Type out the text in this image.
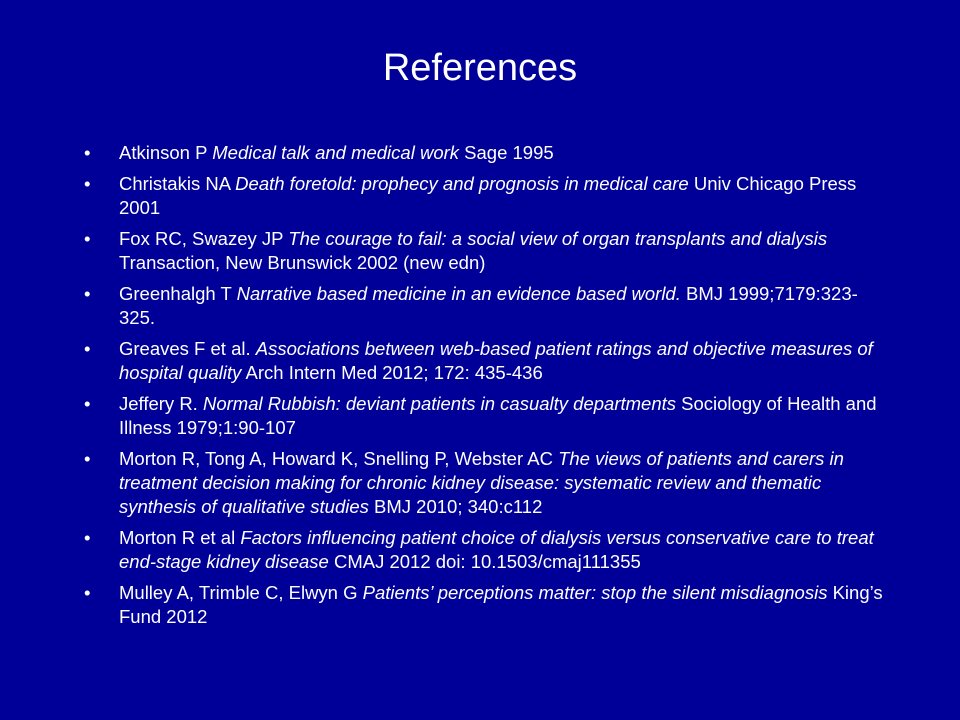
References
• Atkinson P Medical talk and medical work Sage 1995
• Christakis NA Death foretold: prophecy and prognosis in medical care Univ Chicago Press 2001
• Fox RC, Swazey JP The courage to fail: a social view of organ transplants and dialysis Transaction, New Brunswick 2002 (new edn)
• Greenhalgh T Narrative based medicine in an evidence based world. BMJ 1999;7179:323-325.
• Greaves F et al. Associations between web-based patient ratings and objective measures of hospital quality Arch Intern Med 2012; 172: 435-436
• Jeffery R. Normal Rubbish: deviant patients in casualty departments Sociology of Health and Illness 1979;1:90-107
• Morton R, Tong A, Howard K, Snelling P, Webster AC The views of patients and carers in treatment decision making for chronic kidney disease: systematic review and thematic synthesis of qualitative studies BMJ 2010; 340:c112
• Morton R et al Factors influencing patient choice of dialysis versus conservative care to treat end-stage kidney disease CMAJ 2012 doi: 10.1503/cmaj111355
• Mulley A, Trimble C, Elwyn G Patients’ perceptions matter: stop the silent misdiagnosis King’s Fund 2012
